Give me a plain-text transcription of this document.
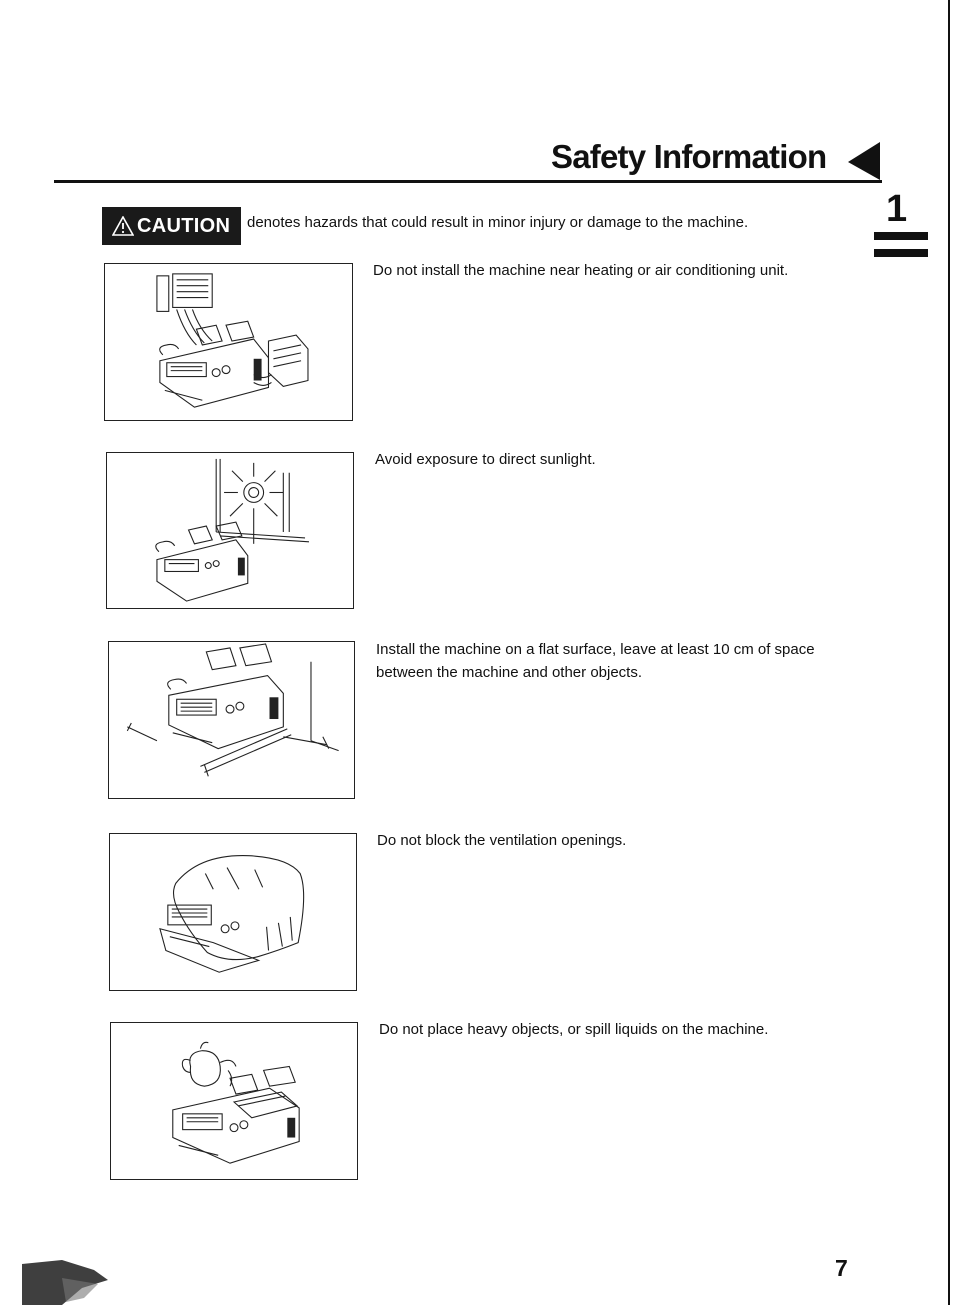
Safety Information
1
CAUTION denotes hazards that could result in minor injury or damage to the machine.
Do not install the machine near heating or air conditioning unit.
Avoid exposure to direct sunlight.
Install the machine on a flat surface, leave at least 10 cm of space between the machine and other objects.
Do not block the ventilation openings.
Do not place heavy objects, or spill liquids on the machine.
7
